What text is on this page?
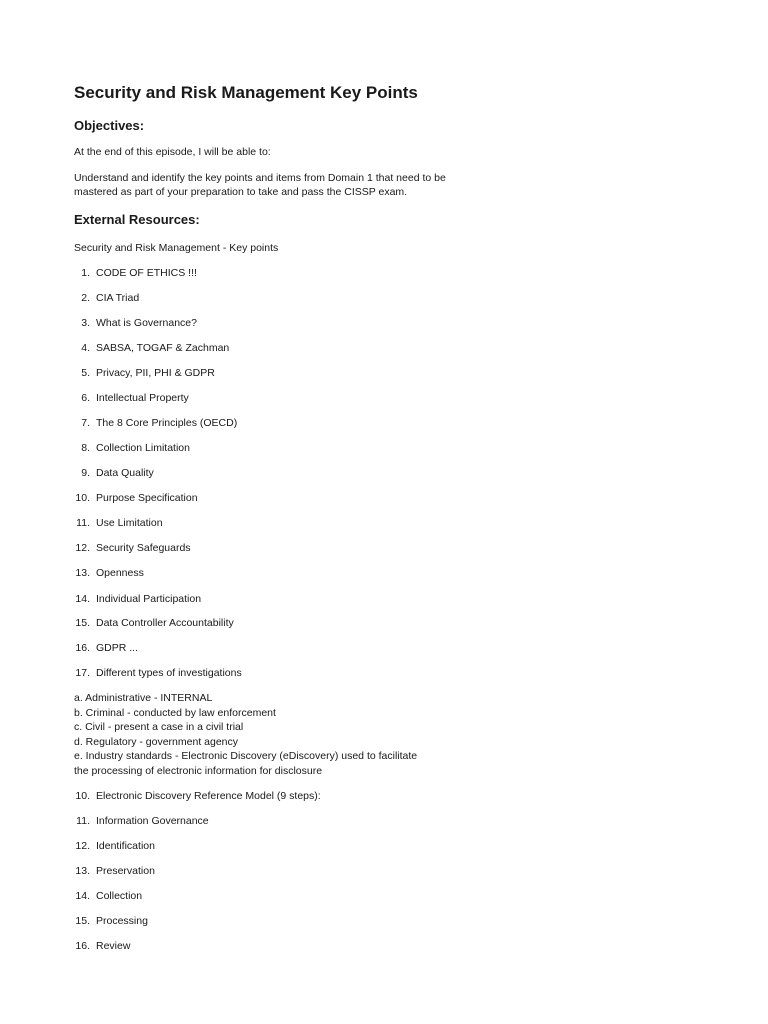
Security and Risk Management Key Points
Objectives:

At the end of this episode, I will be able to:

Understand and identify the key points and items from Domain 1 that need to be

mastered as part of your preparation to take and pass the CISSP exam.

External Resources:

Security and Risk Management - Key points

1. CODE OF ETHICS !!!
2. CIA Triad
3. What is Governance?
4. SABSA, TOGAF & Zachman
5. Privacy, PII, PHI & GDPR
6. Intellectual Property
7. The 8 Core Principles (OECD)
8. Collection Limitation
9. Data Quality
10. Purpose Specification
11. Use Limitation
12. Security Safeguards
13. Openness
14. Individual Participation
15. Data Controller Accountability
16. GDPR ...
17. Different types of investigations
a. Administrative - INTERNAL
b. Criminal - conducted by law enforcement
c. Civil - present a case in a civil trial
d. Regulatory - government agency
e. Industry standards - Electronic Discovery (eDiscovery) used to facilitate
the processing of electronic information for disclosure
10. Electronic Discovery Reference Model (9 steps):
11. Information Governance
12. Identification
13. Preservation
14. Collection
15. Processing
16. Review
